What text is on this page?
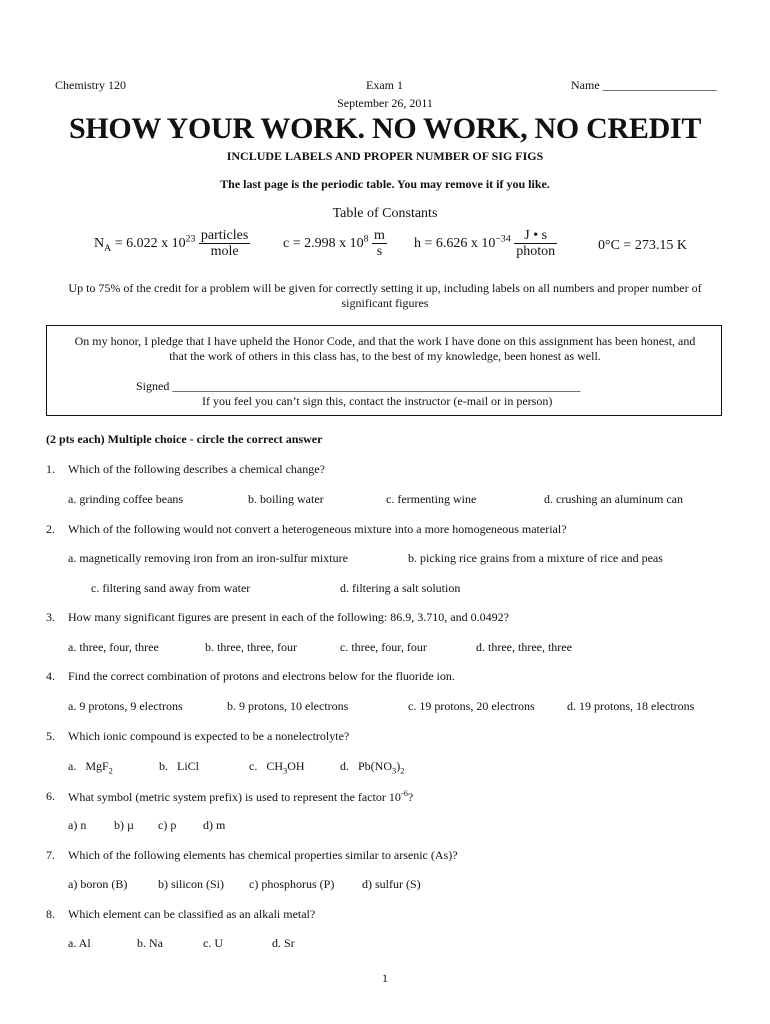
Chemistry 120	Exam 1	Name ___________________
September 26, 2011
SHOW YOUR WORK. NO WORK, NO CREDIT
INCLUDE LABELS AND PROPER NUMBER OF SIG FIGS
The last page is the periodic table. You may remove it if you like.
Table of Constants
$N_A = 6.022$ x $10^{23} \frac{\text{particles}}{\text{mole}}$ c = 2.998 x $10^8 \frac{m}{s}$ h = 6.626 x $10^{-34} \frac{J • s}{\text{photon}}$	0°C = 273.15 K
Up to 75% of the credit for a problem will be given for correctly setting it up, including labels on all numbers and proper number of
significant figures
On my honor, I pledge that I have upheld the Honor Code, and that the work I have done on this assignment has been honest, and
that the work of others in this class has, to the best of my knowledge, been honest as well.
Signed ____________________________________________________________________
If you feel you can’t sign this, contact the instructor (e-mail or in person)
(2 pts each) Multiple choice - circle the correct answer
1. Which of the following describes a chemical change?
a. grinding coffee beans	b. boiling water	c. fermenting wine	d. crushing an aluminum can
2. Which of the following would not convert a heterogeneous mixture into a more homogeneous material?
a. magnetically removing iron from an iron-sulfur mixture	b. picking rice grains from a mixture of rice and peas
c. filtering sand away from water	d. filtering a salt solution
3. How many significant figures are present in each of the following: 86.9, 3.710, and 0.0492?
a. three, four, three	b. three, three, four	c. three, four, four	d. three, three, three
4. Find the correct combination of protons and electrons below for the fluoride ion.
a. 9 protons, 9 electrons	b. 9 protons, 10 electrons	c. 19 protons, 20 electrons	d. 19 protons, 18 electrons
5. Which ionic compound is expected to be a nonelectrolyte?
a. MgF$_2$	b. LiCl	c. $CH_3OH$	d. $Pb(NO_3)_2$
6. What symbol (metric system prefix) is used to represent the factor $10^{-6}$?
a) n b) µ c) p d) m
7. Which of the following elements has chemical properties similar to arsenic (As)?
a) boron (B)	b) silicon (Si) c) phosphorus (P) d) sulfur (S)
8. Which element can be classified as an alkali metal?
a. Al	b. Na	c. U	d. Sr
1
